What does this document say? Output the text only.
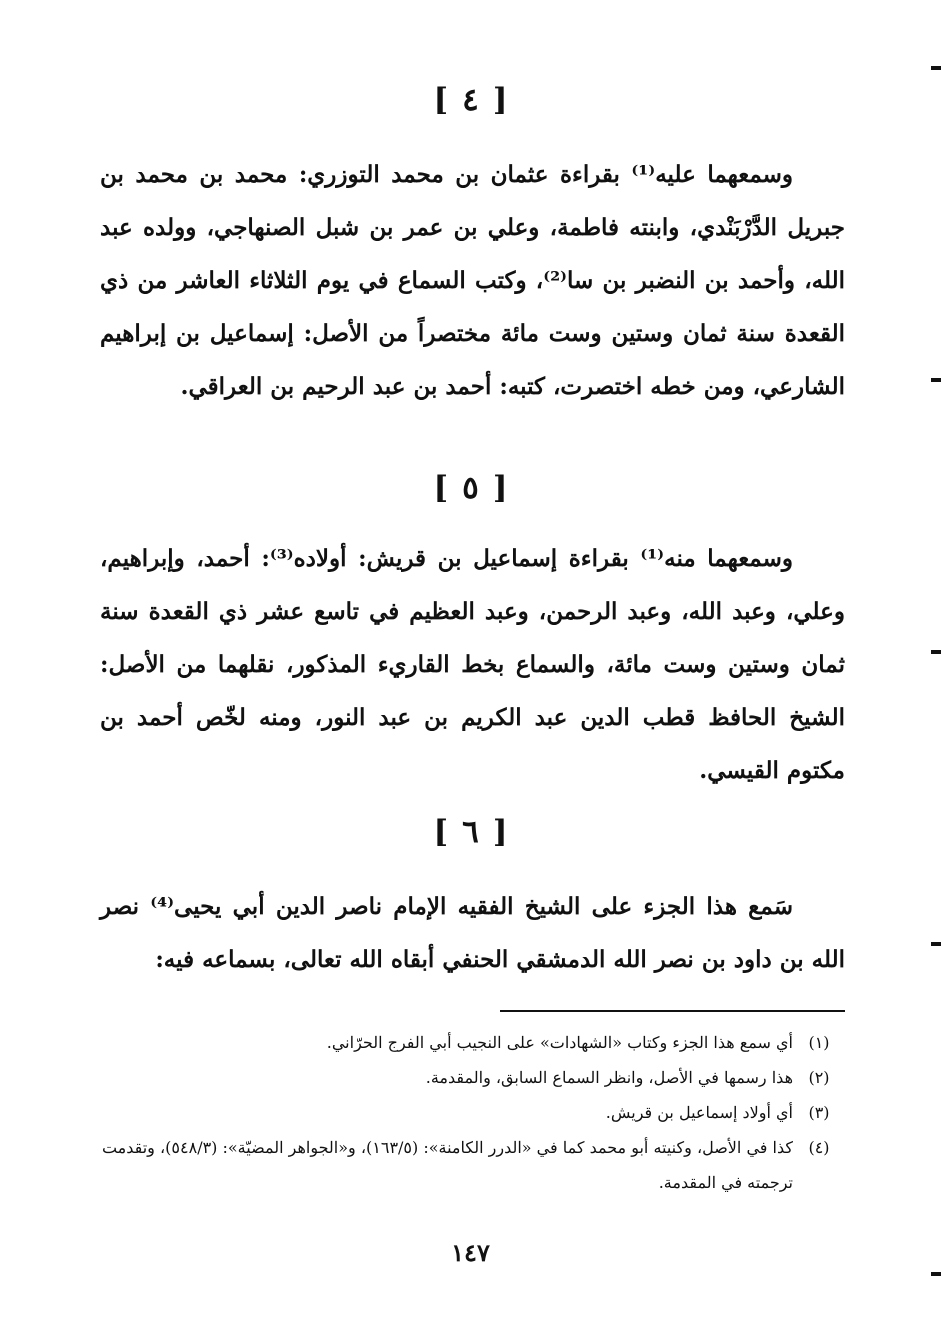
[ ٤ ]

وسمعهما عليه⁽¹⁾ بقراءة عثمان بن محمد التوزري: محمد بن محمد بن جبريل الدَّرْبَنْدي، وابنته فاطمة، وعلي بن عمر بن شبل الصنهاجي، وولده عبد الله، وأحمد بن النضبر بن سا⁽²⁾، وكتب السماع في يوم الثلاثاء العاشر من ذي القعدة سنة ثمان وستين وست مائة مختصراً من الأصل: إسماعيل بن إبراهيم الشارعي، ومن خطه اختصرت، كتبه: أحمد بن عبد الرحيم بن العراقي.

[ ٥ ]

وسمعهما منه⁽¹⁾ بقراءة إسماعيل بن قريش: أولاده⁽³⁾: أحمد، وإبراهيم، وعلي، وعبد الله، وعبد الرحمن، وعبد العظيم في تاسع عشر ذي القعدة سنة ثمان وستين وست مائة، والسماع بخط القاريء المذكور، نقلهما من الأصل: الشيخ الحافظ قطب الدين عبد الكريم بن عبد النور، ومنه لخّص أحمد بن مكتوم القيسي.

[ ٦ ]

سَمع هذا الجزء على الشيخ الفقيه الإمام ناصر الدين أبي يحيى⁽⁴⁾ نصر الله بن داود بن نصر الله الدمشقي الحنفي أبقاه الله تعالى، بسماعه فيه:

(١)
أي سمع هذا الجزء وكتاب «الشهادات» على النجيب أبي الفرج الحرّاني.
(٢)
هذا رسمها في الأصل، وانظر السماع السابق، والمقدمة.
(٣)
أي أولاد إسماعيل بن قريش.
(٤)
كذا في الأصل، وكنيته أبو محمد كما في «الدرر الكامنة»: (١٦٣/٥)، و«الجواهر المضيّة»: (٥٤٨/٣)، وتقدمت ترجمته في المقدمة.
١٤٧
